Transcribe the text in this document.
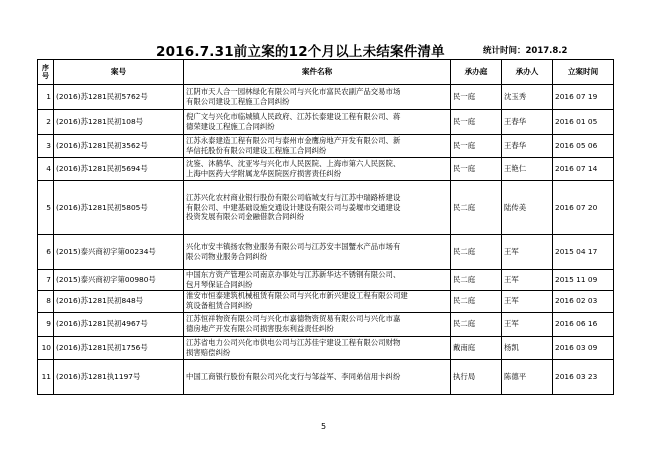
2016.7.31前立案的12个月以上未结案件清单	统计时间：2017.8.2
序号	案号	案件名称	承办庭	承办人	立案时间
1	(2016)苏1281民初5762号	江阴市天人合一园林绿化有限公司与兴化市富民农副产品交易市场
有限公司建设工程施工合同纠纷	民一庭	沈玉秀	2016 07 19
2	(2016)苏1281民初108号	倪广文与兴化市临城镇人民政府、江苏长泰建设工程有限公司、蒋
德荣建设工程施工合同纠纷	民一庭	王春华	2016 01 05
3	(2016)苏1281民初3562号	江苏永泰建造工程有限公司与泰州市金鹰房地产开发有限公司、新
华信托股份有限公司建设工程施工合同纠纷	民一庭	王春华	2016 05 06
4	(2016)苏1281民初5694号	沈鉴、沐鹤华、沈亚岑与兴化市人民医院、上海市第六人民医院、
上海中医药大学附属龙华医院医疗损害责任纠纷	民一庭	王艳仁	2016 07 14
5	(2016)苏1281民初5805号	江苏兴化农村商业银行股份有限公司临城支行与江苏中瑞路桥建设
有限公司、中建基础设施交通设计建设有限公司与姜堰市交通建设
投资发展有限公司金融借款合同纠纷	民二庭	陆传美	2016 07 20
6	(2015)泰兴商初字第00234号	兴化市安丰镇扬农物业服务有限公司与江苏安丰国蟹水产品市场有
限公司物业服务合同纠纷	民二庭	王军	2015 04 17
7	(2015)泰兴商初字第00980号	中国东方资产管理公司南京办事处与江苏新华达不锈钢有限公司、
包月琴保证合同纠纷	民二庭	王军	2015 11 09
8	(2016)苏1281民初848号	淮安市恒泰建筑机械租赁有限公司与兴化市新兴建设工程有限公司建
筑设备租赁合同纠纷	民二庭	王军	2016 02 03
9	(2016)苏1281民初4967号	江苏恒祥物资有限公司与兴化市嘉德物资贸易有限公司与兴化市嘉
德房地产开发有限公司损害股东利益责任纠纷	民二庭	王军	2016 06 16
10	(2016)苏1281民初1756号	江苏省电力公司兴化市供电公司与江苏佳宇建设工程有限公司财物
损害赔偿纠纷	戴南庭	杨凯	2016 03 09
11	(2016)苏1281执1197号	中国工商银行股份有限公司兴化支行与邹益军、李同弟信用卡纠纷	执行局	陈德平	2016 03 23
5
